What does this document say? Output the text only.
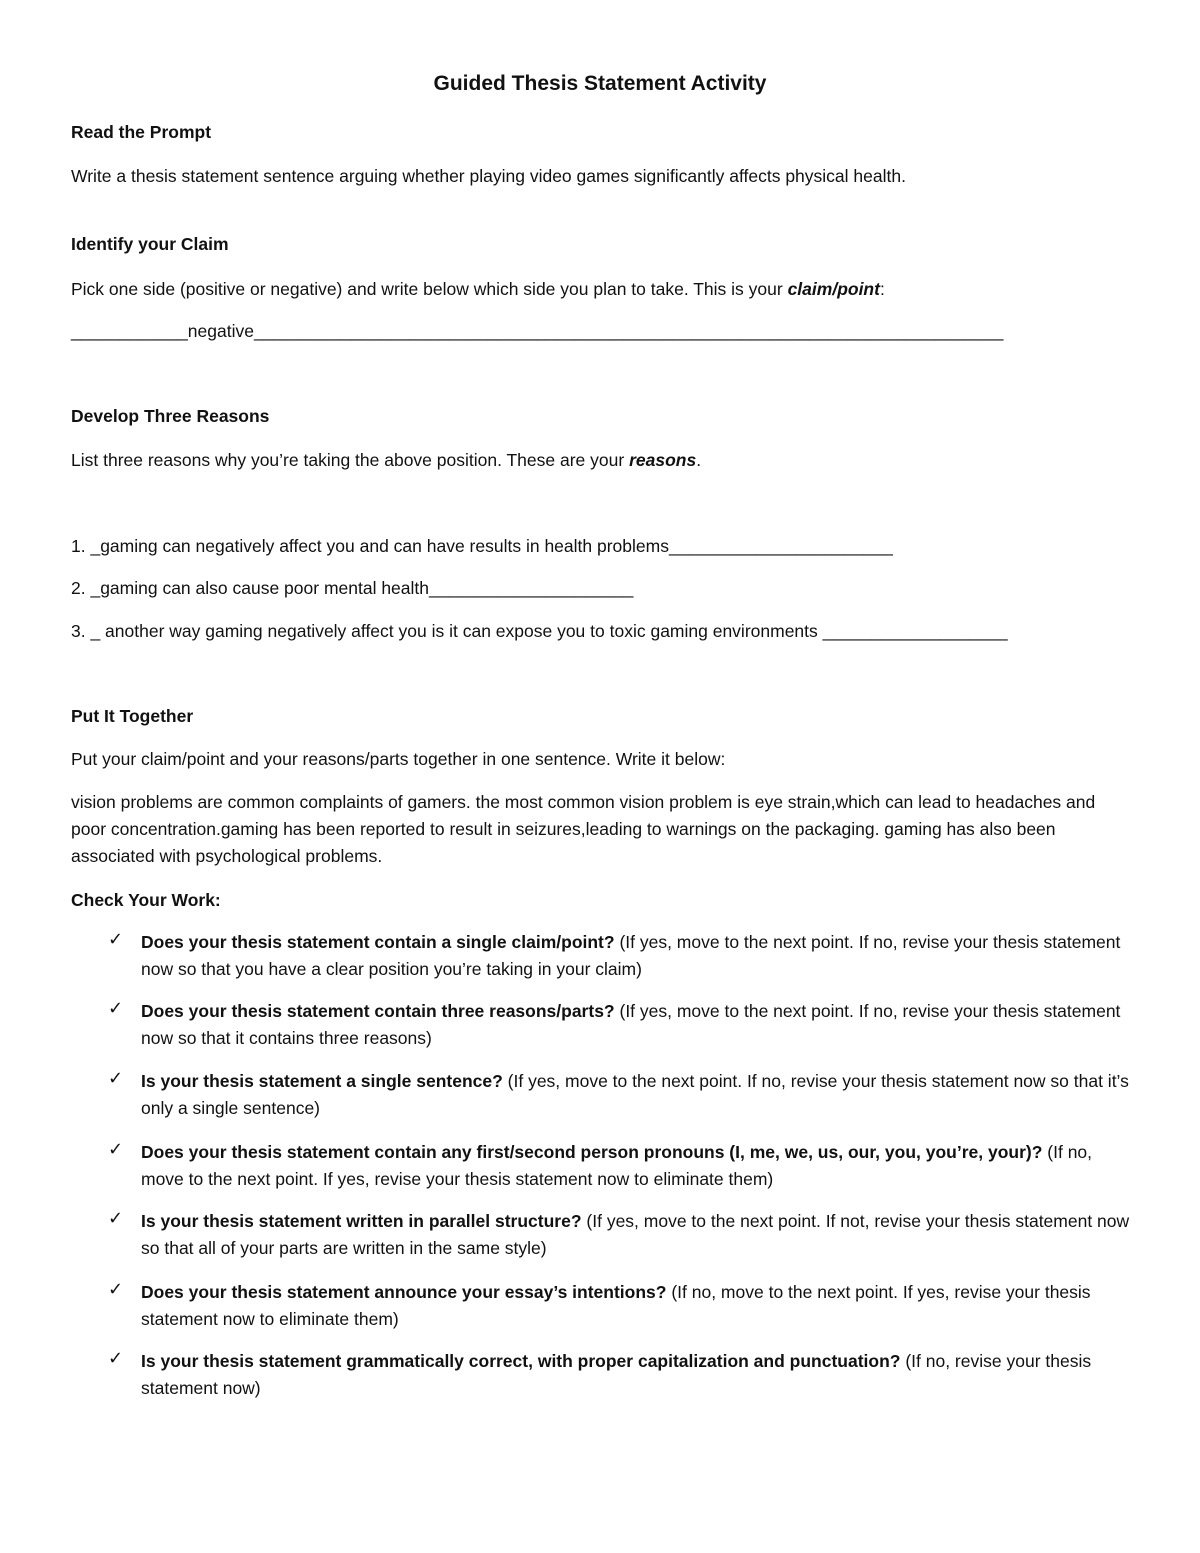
Guided Thesis Statement Activity
Read the Prompt
Write a thesis statement sentence arguing whether playing video games significantly affects physical health.
Identify your Claim
Pick one side (positive or negative) and write below which side you plan to take. This is your claim/point:
____________negative_____________________________________________________________________________
Develop Three Reasons
List three reasons why you’re taking the above position. These are your reasons.
1. _gaming can negatively affect you and can have results in health problems_______________________
2. _gaming can also cause poor mental health_____________________
3. _ another way gaming negatively affect you is it can expose you to toxic gaming environments ___________________
Put It Together
Put your claim/point and your reasons/parts together in one sentence. Write it below:
vision problems are common complaints of gamers. the most common vision problem is eye strain,which can lead to headaches and poor concentration.gaming has been reported to result in seizures,leading to warnings on the packaging. gaming has also been associated with psychological problems.
Check Your Work:
✓ Does your thesis statement contain a single claim/point? (If yes, move to the next point. If no, revise your thesis statement now so that you have a clear position you’re taking in your claim)
✓ Does your thesis statement contain three reasons/parts? (If yes, move to the next point. If no, revise your thesis statement now so that it contains three reasons)
✓ Is your thesis statement a single sentence? (If yes, move to the next point. If no, revise your thesis statement now so that it’s only a single sentence)
✓ Does your thesis statement contain any first/second person pronouns (I, me, we, us, our, you, you’re, your)? (If no, move to the next point. If yes, revise your thesis statement now to eliminate them)
✓ Is your thesis statement written in parallel structure? (If yes, move to the next point. If not, revise your thesis statement now so that all of your parts are written in the same style)
✓ Does your thesis statement announce your essay’s intentions? (If no, move to the next point. If yes, revise your thesis statement now to eliminate them)
✓ Is your thesis statement grammatically correct, with proper capitalization and punctuation? (If no, revise your thesis statement now)
